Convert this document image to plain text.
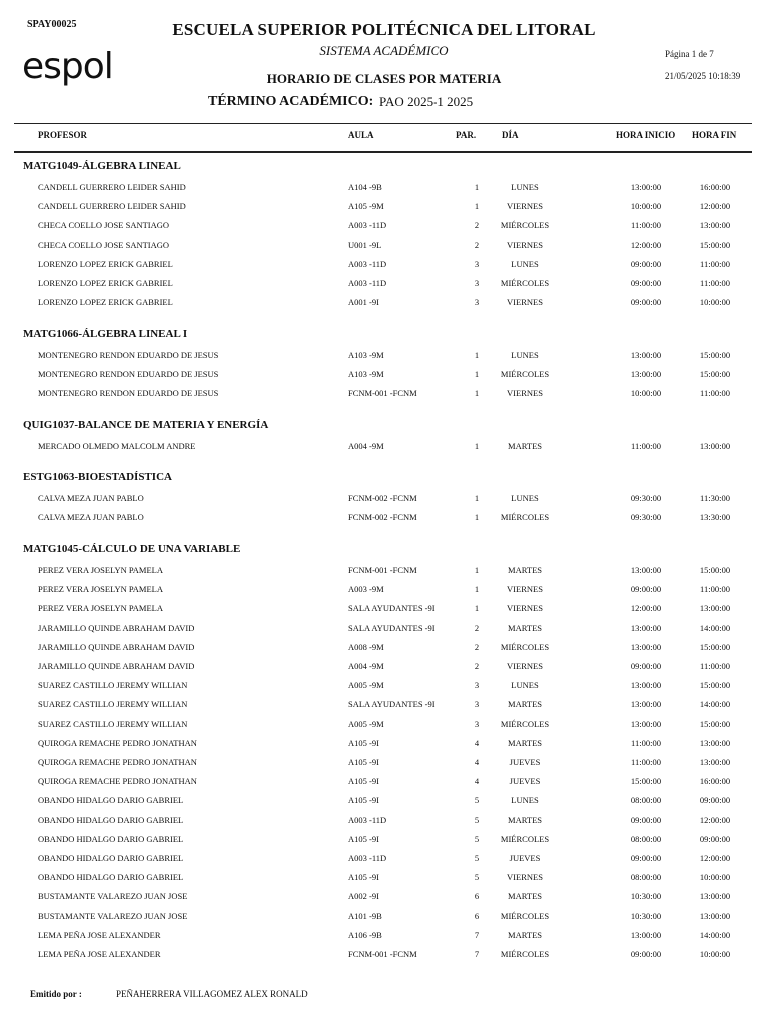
SPAY00025
espol
ESCUELA SUPERIOR POLITÉCNICA DEL LITORAL
SISTEMA ACADÉMICO
HORARIO DE CLASES POR MATERIA
TÉRMINO ACADÉMICO: PAO 2025-1 2025
Página 1 de 7
21/05/2025 10:18:39
PROFESOR	AULA	PAR.	DÍA	HORA INICIO HORA FIN
MATG1049-ÁLGEBRA LINEAL
CANDELL GUERRERO LEIDER SAHID	A104 -9B	1	LUNES	13:00:00	16:00:00
CANDELL GUERRERO LEIDER SAHID	A105 -9M	1	VIERNES	10:00:00	12:00:00
CHECA COELLO JOSE SANTIAGO	A003 -11D	2	MIÉRCOLES	11:00:00	13:00:00
CHECA COELLO JOSE SANTIAGO	U001 -9L	2	VIERNES	12:00:00	15:00:00
LORENZO LOPEZ ERICK GABRIEL	A003 -11D	3	LUNES	09:00:00	11:00:00
LORENZO LOPEZ ERICK GABRIEL	A003 -11D	3	MIÉRCOLES	09:00:00	11:00:00
LORENZO LOPEZ ERICK GABRIEL	A001 -9I	3	VIERNES	09:00:00	10:00:00
MATG1066-ÁLGEBRA LINEAL I
MONTENEGRO RENDON EDUARDO DE JESUS	A103 -9M	1	LUNES	13:00:00	15:00:00
MONTENEGRO RENDON EDUARDO DE JESUS	A103 -9M	1	MIÉRCOLES	13:00:00	15:00:00
MONTENEGRO RENDON EDUARDO DE JESUS	FCNM-001 -FCNM	1	VIERNES	10:00:00	11:00:00
QUIG1037-BALANCE DE MATERIA Y ENERGÍA
MERCADO OLMEDO MALCOLM ANDRE	A004 -9M	1	MARTES	11:00:00	13:00:00
ESTG1063-BIOESTADÍSTICA
CALVA MEZA JUAN PABLO	FCNM-002 -FCNM	1	LUNES	09:30:00	11:30:00
CALVA MEZA JUAN PABLO	FCNM-002 -FCNM	1	MIÉRCOLES	09:30:00	13:30:00
MATG1045-CÁLCULO DE UNA VARIABLE
PEREZ VERA JOSELYN PAMELA	FCNM-001 -FCNM	1	MARTES	13:00:00	15:00:00
PEREZ VERA JOSELYN PAMELA	A003 -9M	1	VIERNES	09:00:00	11:00:00
PEREZ VERA JOSELYN PAMELA	SALA AYUDANTES -9I	1	VIERNES	12:00:00	13:00:00
JARAMILLO QUINDE ABRAHAM DAVID	SALA AYUDANTES -9I	2	MARTES	13:00:00	14:00:00
JARAMILLO QUINDE ABRAHAM DAVID	A008 -9M	2	MIÉRCOLES	13:00:00	15:00:00
JARAMILLO QUINDE ABRAHAM DAVID	A004 -9M	2	VIERNES	09:00:00	11:00:00
SUAREZ CASTILLO JEREMY WILLIAN	A005 -9M	3	LUNES	13:00:00	15:00:00
SUAREZ CASTILLO JEREMY WILLIAN	SALA AYUDANTES -9I	3	MARTES	13:00:00	14:00:00
SUAREZ CASTILLO JEREMY WILLIAN	A005 -9M	3	MIÉRCOLES	13:00:00	15:00:00
QUIROGA REMACHE PEDRO JONATHAN	A105 -9I	4	MARTES	11:00:00	13:00:00
QUIROGA REMACHE PEDRO JONATHAN	A105 -9I	4	JUEVES	11:00:00	13:00:00
QUIROGA REMACHE PEDRO JONATHAN	A105 -9I	4	JUEVES	15:00:00	16:00:00
OBANDO HIDALGO DARIO GABRIEL	A105 -9I	5	LUNES	08:00:00	09:00:00
OBANDO HIDALGO DARIO GABRIEL	A003 -11D	5	MARTES	09:00:00	12:00:00
OBANDO HIDALGO DARIO GABRIEL	A105 -9I	5	MIÉRCOLES	08:00:00	09:00:00
OBANDO HIDALGO DARIO GABRIEL	A003 -11D	5	JUEVES	09:00:00	12:00:00
OBANDO HIDALGO DARIO GABRIEL	A105 -9I	5	VIERNES	08:00:00	10:00:00
BUSTAMANTE VALAREZO JUAN JOSE	A002 -9I	6	MARTES	10:30:00	13:00:00
BUSTAMANTE VALAREZO JUAN JOSE	A101 -9B	6	MIÉRCOLES	10:30:00	13:00:00
LEMA PEÑA JOSE ALEXANDER	A106 -9B	7	MARTES	13:00:00	14:00:00
LEMA PEÑA JOSE ALEXANDER	FCNM-001 -FCNM	7	MIÉRCOLES	09:00:00	10:00:00
Emitido por :	PEÑAHERRERA VILLAGOMEZ ALEX RONALD
